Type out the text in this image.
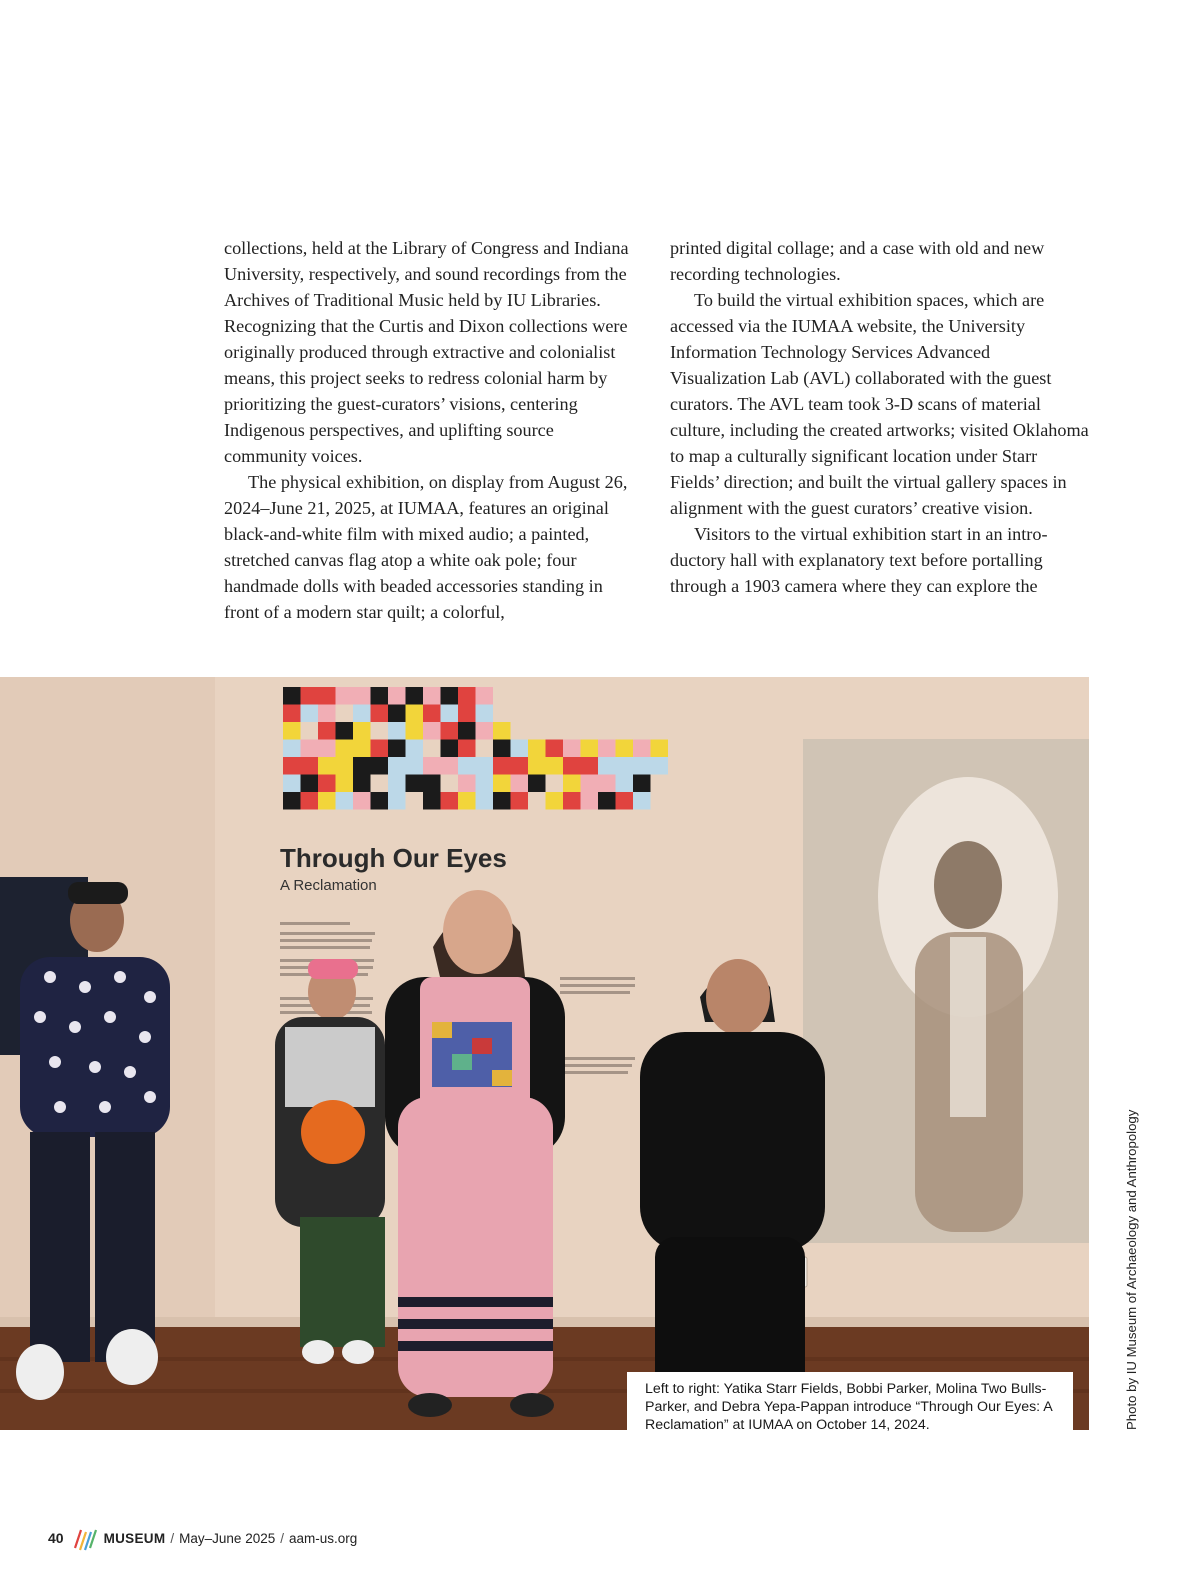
collections, held at the Library of Congress and Indiana University, respectively, and sound recordings from the Archives of Traditional Music held by IU Libraries. Recognizing that the Curtis and Dixon collections were originally produced through extractive and colonialist means, this project seeks to redress colonial harm by prioritizing the guest-curators’ visions, centering Indigenous perspectives, and uplifting source community voices.

The physical exhibition, on display from August 26, 2024–June 21, 2025, at IUMAA, features an original black-and-white film with mixed audio; a painted, stretched canvas flag atop a white oak pole; four handmade dolls with beaded accessories standing in front of a modern star quilt; a colorful,

printed digital collage; and a case with old and new recording technologies.

To build the virtual exhibition spaces, which are accessed via the IUMAA website, the University Information Technology Services Advanced Visualization Lab (AVL) collaborated with the guest curators. The AVL team took 3-D scans of material culture, including the created artworks; visited Oklahoma to map a culturally significant location under Starr Fields’ direction; and built the virtual gallery spaces in alignment with the guest curators’ creative vision.

Visitors to the virtual exhibition start in an introductory hall with explanatory text before portalling through a 1903 camera where they can explore the

Through Our Eyes
A Reclamation
Left to right: Yatika Starr Fields, Bobbi Parker, Molina Two Bulls-Parker, and Debra Yepa-Pappan introduce “Through Our Eyes: A Reclamation” at IUMAA on October 14, 2024.	Photo by IU Museum of Archaeology and Anthropology
40	MUSEUM / May–June 2025 / aam-us.org
